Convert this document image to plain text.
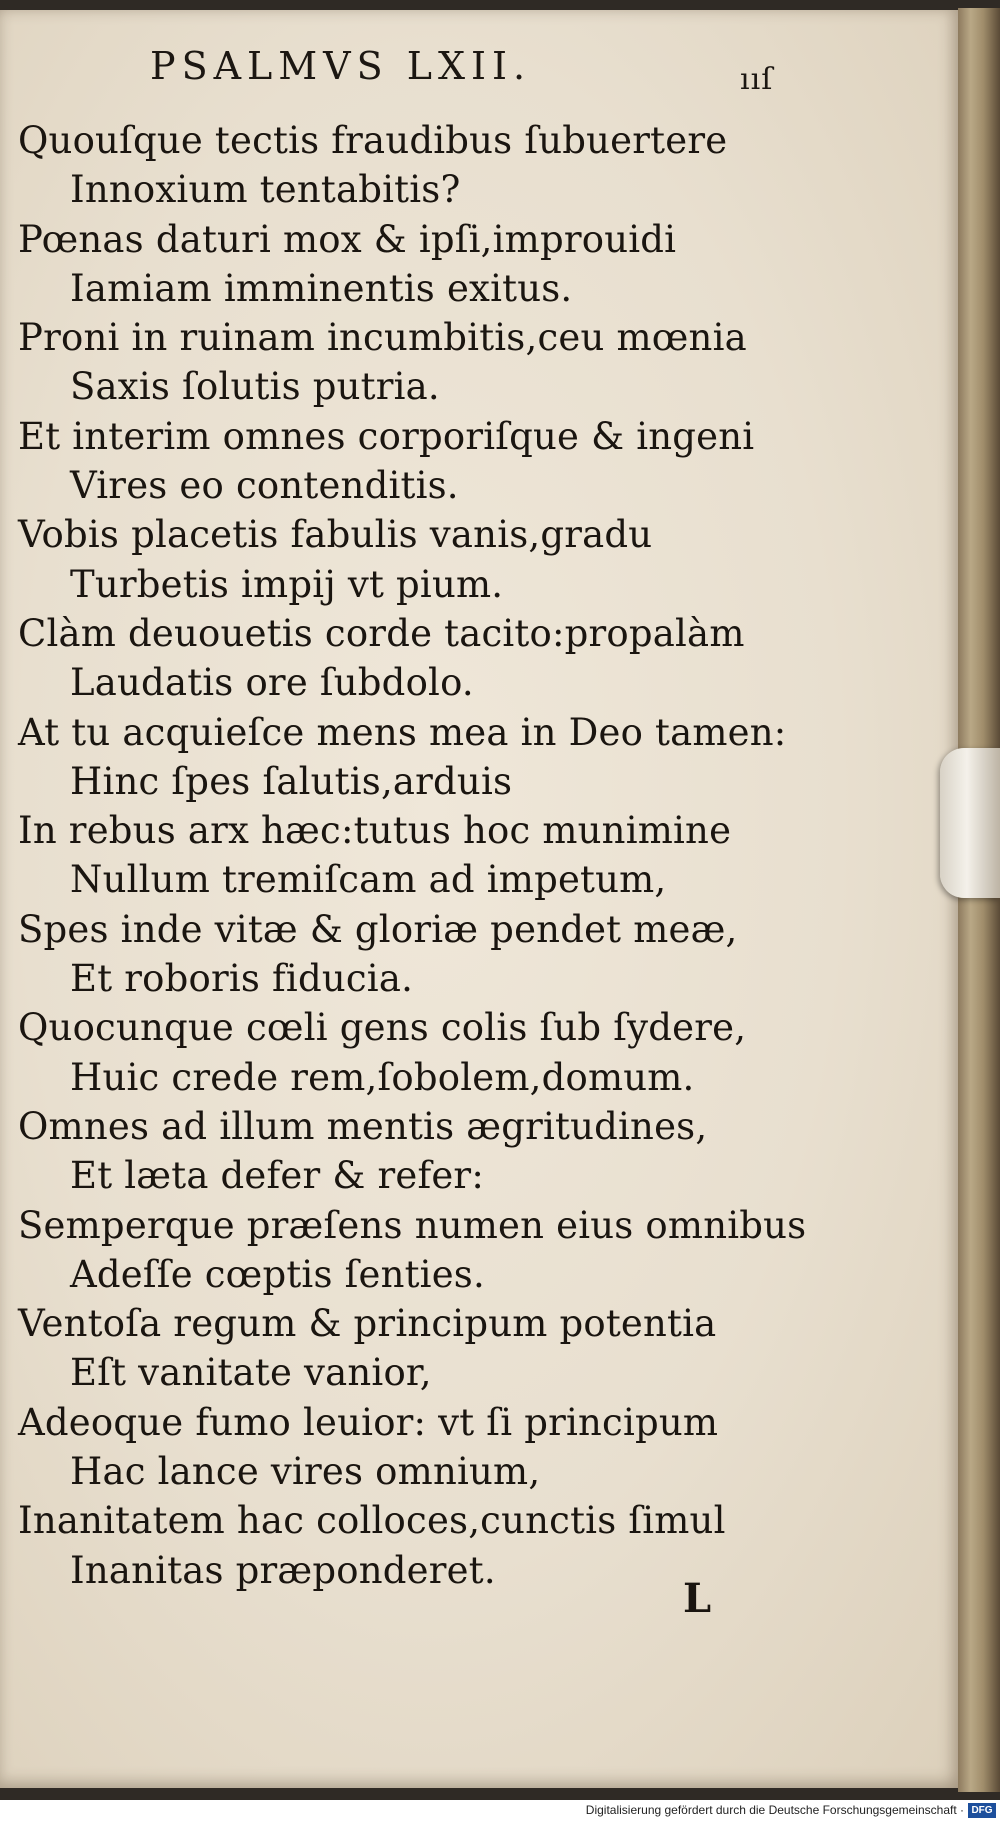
PSALMVS LXII.	ııſ
Quouſque tectis fraudibus ſubuertere
Innoxium tentabitis?
Pœnas daturi mox & ipſi,improuidi
Iamiam imminentis exitus.
Proni in ruinam incumbitis,ceu mœnia
Saxis ſolutis putria.
Et interim omnes corporiſque & ingeni
Vires eo contenditis.
Vobis placetis fabulis vanis,gradu
Turbetis impij vt pium.
Clàm deuouetis corde tacito:propalàm
Laudatis ore ſubdolo.
At tu acquieſce mens mea in Deo tamen:
Hinc ſpes ſalutis,arduis
In rebus arx hæc:tutus hoc munimine
Nullum tremiſcam ad impetum,
Spes inde vitæ & gloriæ pendet meæ,
Et roboris fiducia.
Quocunque cœli gens colis ſub ſydere,
Huic crede rem,ſobolem,domum.
Omnes ad illum mentis ægritudines,
Et læta defer & refer:
Semperque præſens numen eius omnibus
Adeſſe cœptis ſenties.
Ventoſa regum & principum potentia
Eſt vanitate vanior,
Adeoque fumo leuior: vt ſi principum
Hac lance vires omnium,
Inanitatem hac colloces,cunctis ſimul
Inanitas præponderet.
L
Digitalisierung gefördert durch die Deutsche Forschungsgemeinschaft · DFG
